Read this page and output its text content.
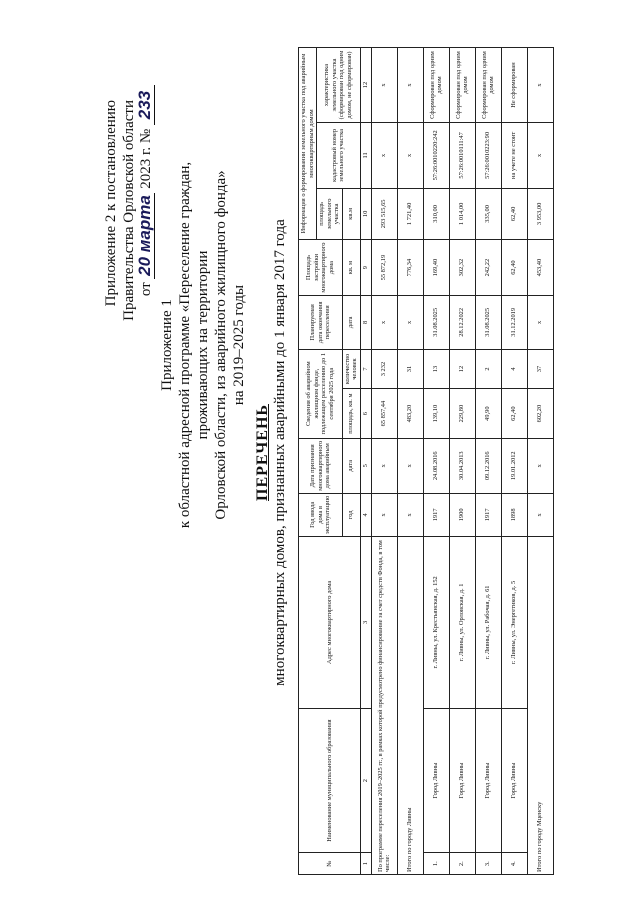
Приложение 2 к постановлению Правительства Орловской области от 20 марта 2023 г. № 233
Приложение 1 к областной адресной программе «Переселение граждан, проживающих на территории Орловской области, из аварийного жилищного фонда» на 2019–2025 годы
ПЕРЕЧЕНЬ многоквартирных домов, признанных аварийными до 1 января 2017 года
№	Наименование муниципального образования	Адрес многоквартирного дома	Год ввода дома в эксплуатацию	Дата признания многоквартирного дома аварийным	Сведения об аварийном жилищном фонде, подлежащем расселению до 1 сентября 2025 года		Планируемая дата окончания переселения	Площадь застройки многоквартирного дома	Информация о формировании земельного участка под аварийным многоквартирным домом		
									площадь земельного участка	кадастровый номер земельного участка	характеристика земельного участка (сформирован под одним домом, не сформирован)
			год	дата	площадь, кв. м	количество человек	дата	кв. м	кв.м		
1	2	3	4	5	6	7	8	9	10	11	12
По программе переселения 2019–2025 гг., в рамках которой предусмотрено финансирование за счет средств Фонда, в том числе:			х	х	65 857,44	3 232	х	55 872,19	293 515,65	х	х
Итого по городу Ливны			х	х	483,20	31	х	776,34	1 721,40	х	х
1.	Город Ливны	г. Ливны, ул. Крестьянская, д. 152	1917	24.08.2016	139,10	13	31.08.2025	169,40	310,00	57:26:0010220:242	Сформирован под одним домом
2.	Город Ливны	г. Ливны, ул. Орловская, д. 1	1900	30.04.2013	229,80	12	28.12.2022	302,32	1 014,00	57:26:0010111:47	Сформирован под одним домом
3.	Город Ливны	г. Ливны, ул. Рабочая, д. 61	1917	09.12.2016	49,90	2	31.08.2025	242,22	335,00	57:26:0010223:90	Сформирован под одним домом
4.	Город Ливны	г. Ливны, ул. Энергетиков, д. 5	1898	19.01.2012	62,40	4	31.12.2019	62,40	62,40	на учете не стоит	Не сформирован
Итого по городу Мценску			х	х	602,20	37	х	453,40	3 953,00	х	х
